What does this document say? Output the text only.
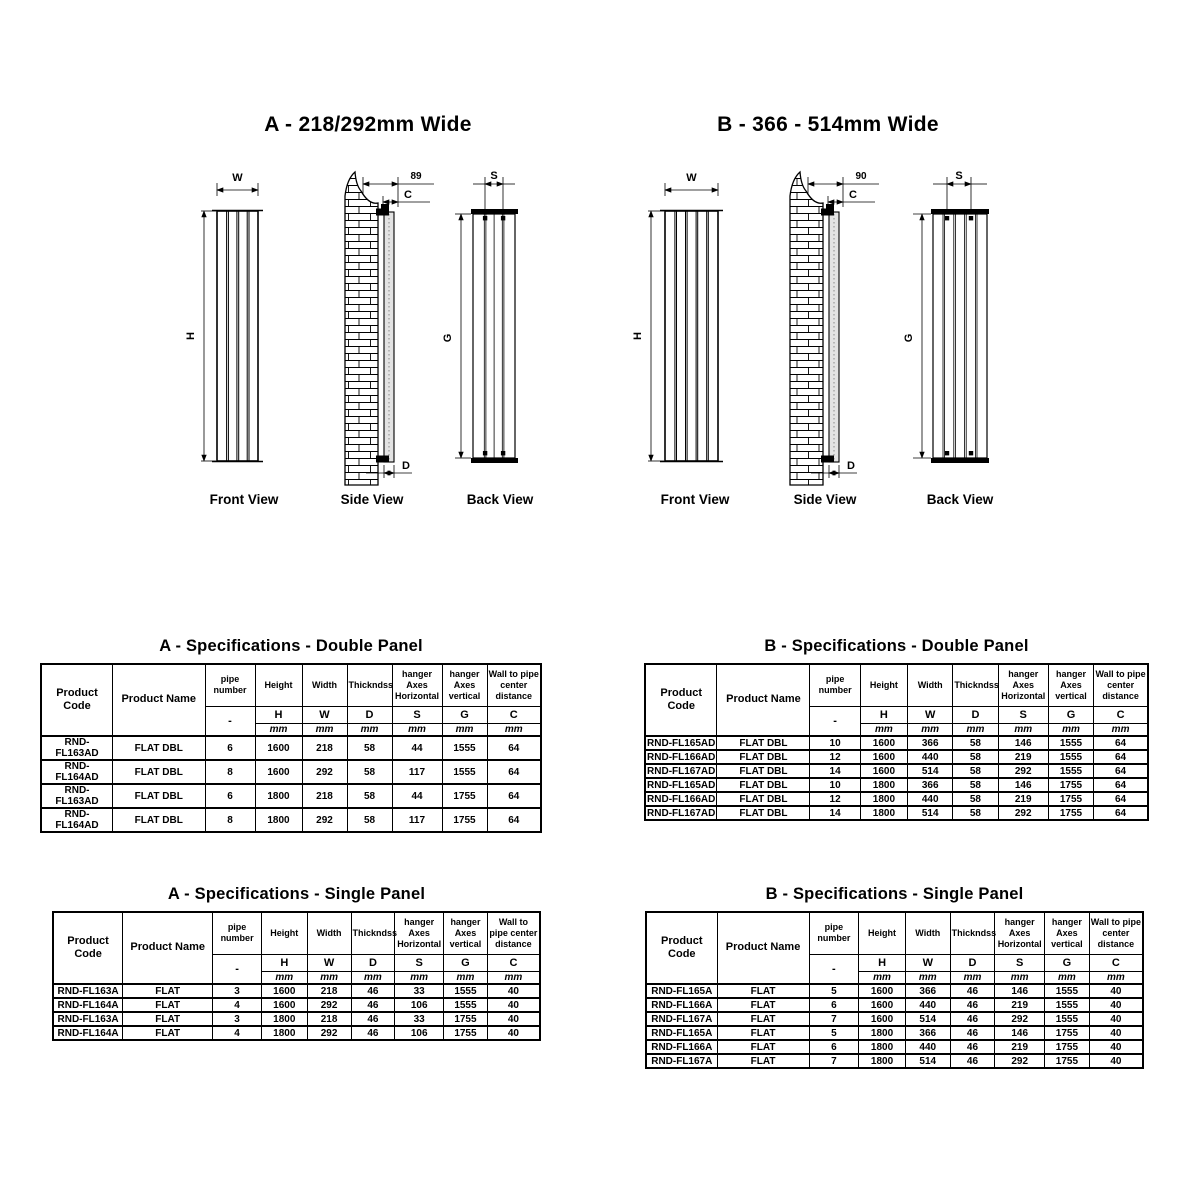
A - 218/292mm Wide	B - 366 - 514mm Wide
W
H
Front View
89
C
D
Side View
S
G
Back View
W
H
Front View
90
C
D
Side View
S
G
Back View
A - Specifications - Double Panel
Product Code	Product Name	pipe number	Height	Width	Thickndss	hanger Axes Horizontal	hanger Axes vertical	Wall to pipe center distance
		-	H	W	D	S	G	C
			mm	mm	mm	mm	mm	mm
RND-FL163AD	FLAT DBL	6	1600	218	58	44	1555	64
RND-FL164AD	FLAT DBL	8	1600	292	58	117	1555	64
RND-FL163AD	FLAT DBL	6	1800	218	58	44	1755	64
RND-FL164AD	FLAT DBL	8	1800	292	58	117	1755	64
B - Specifications - Double Panel
Product Code	Product Name	pipe number	Height	Width	Thickndss	hanger Axes Horizontal	hanger Axes vertical	Wall to pipe center distance
		-	H	W	D	S	G	C
			mm	mm	mm	mm	mm	mm
RND-FL165AD	FLAT DBL	10	1600	366	58	146	1555	64
RND-FL166AD	FLAT DBL	12	1600	440	58	219	1555	64
RND-FL167AD	FLAT DBL	14	1600	514	58	292	1555	64
RND-FL165AD	FLAT DBL	10	1800	366	58	146	1755	64
RND-FL166AD	FLAT DBL	12	1800	440	58	219	1755	64
RND-FL167AD	FLAT DBL	14	1800	514	58	292	1755	64
A - Specifications - Single Panel
Product Code	Product Name	pipe number	Height	Width	Thickndss	hanger Axes Horizontal	hanger Axes vertical	Wall to pipe center distance
		-	H	W	D	S	G	C
			mm	mm	mm	mm	mm	mm
RND-FL163A	FLAT	3	1600	218	46	33	1555	40
RND-FL164A	FLAT	4	1600	292	46	106	1555	40
RND-FL163A	FLAT	3	1800	218	46	33	1755	40
RND-FL164A	FLAT	4	1800	292	46	106	1755	40
B - Specifications - Single Panel
Product Code	Product Name	pipe number	Height	Width	Thickndss	hanger Axes Horizontal	hanger Axes vertical	Wall to pipe center distance
		-	H	W	D	S	G	C
			mm	mm	mm	mm	mm	mm
RND-FL165A	FLAT	5	1600	366	46	146	1555	40
RND-FL166A	FLAT	6	1600	440	46	219	1555	40
RND-FL167A	FLAT	7	1600	514	46	292	1555	40
RND-FL165A	FLAT	5	1800	366	46	146	1755	40
RND-FL166A	FLAT	6	1800	440	46	219	1755	40
RND-FL167A	FLAT	7	1800	514	46	292	1755	40
